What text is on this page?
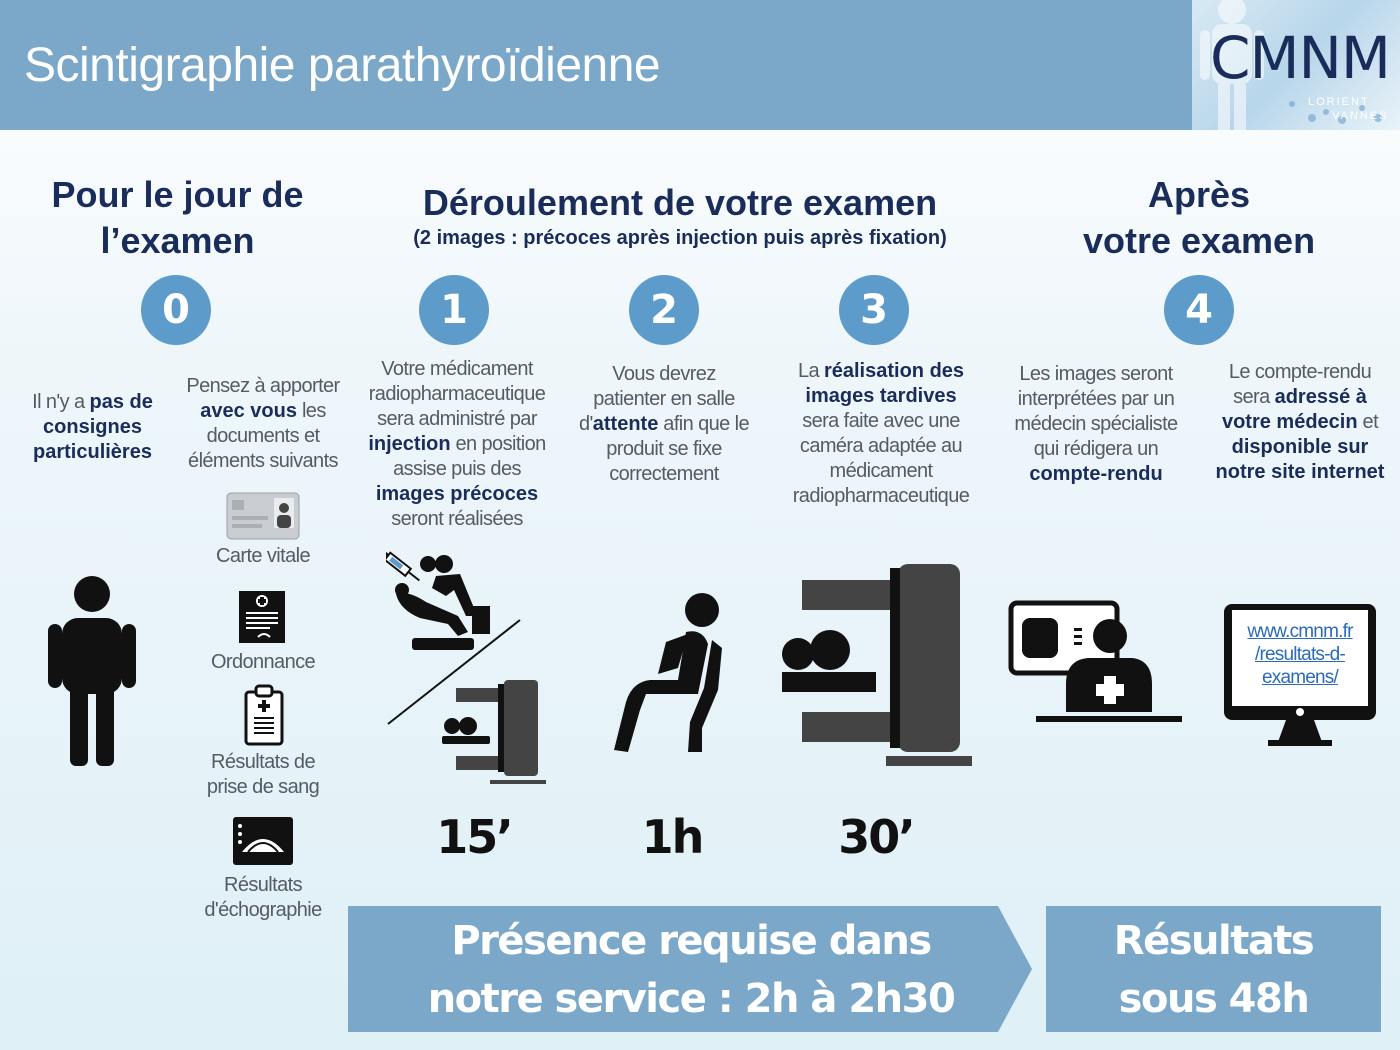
Scintigraphie parathyroïdienne	CMNM
LORIENT
VANNES
Pour le jour de
l’examen
Déroulement de votre examen
(2 images : précoces après injection puis après fixation)
Après
votre examen
0	1	2	3	4
Il n'y a pas de
consignes
particulières
Pensez à apporter
avec vous les
documents et
éléments suivants
Carte vitale
Ordonnance
Résultats de
prise de sang
Résultats
d'échographie
Votre médicament
radiopharmaceutique
sera administré par
injection en position
assise puis des
images précoces
seront réalisées
15’
Vous devrez
patienter en salle
d'attente afin que le
produit se fixe
correctement
1h
La réalisation des
images tardives
sera faite avec une
caméra adaptée au
médicament
radiopharmaceutique
30’
Les images seront
interprétées par un
médecin spécialiste
qui rédigera un
compte-rendu
Le compte-rendu
sera adressé à
votre médecin et
disponible sur
notre site internet
www.cmnm.fr
/resultats-d-
examens/
Présence requise dans
notre service : 2h à 2h30
Résultats
sous 48h
